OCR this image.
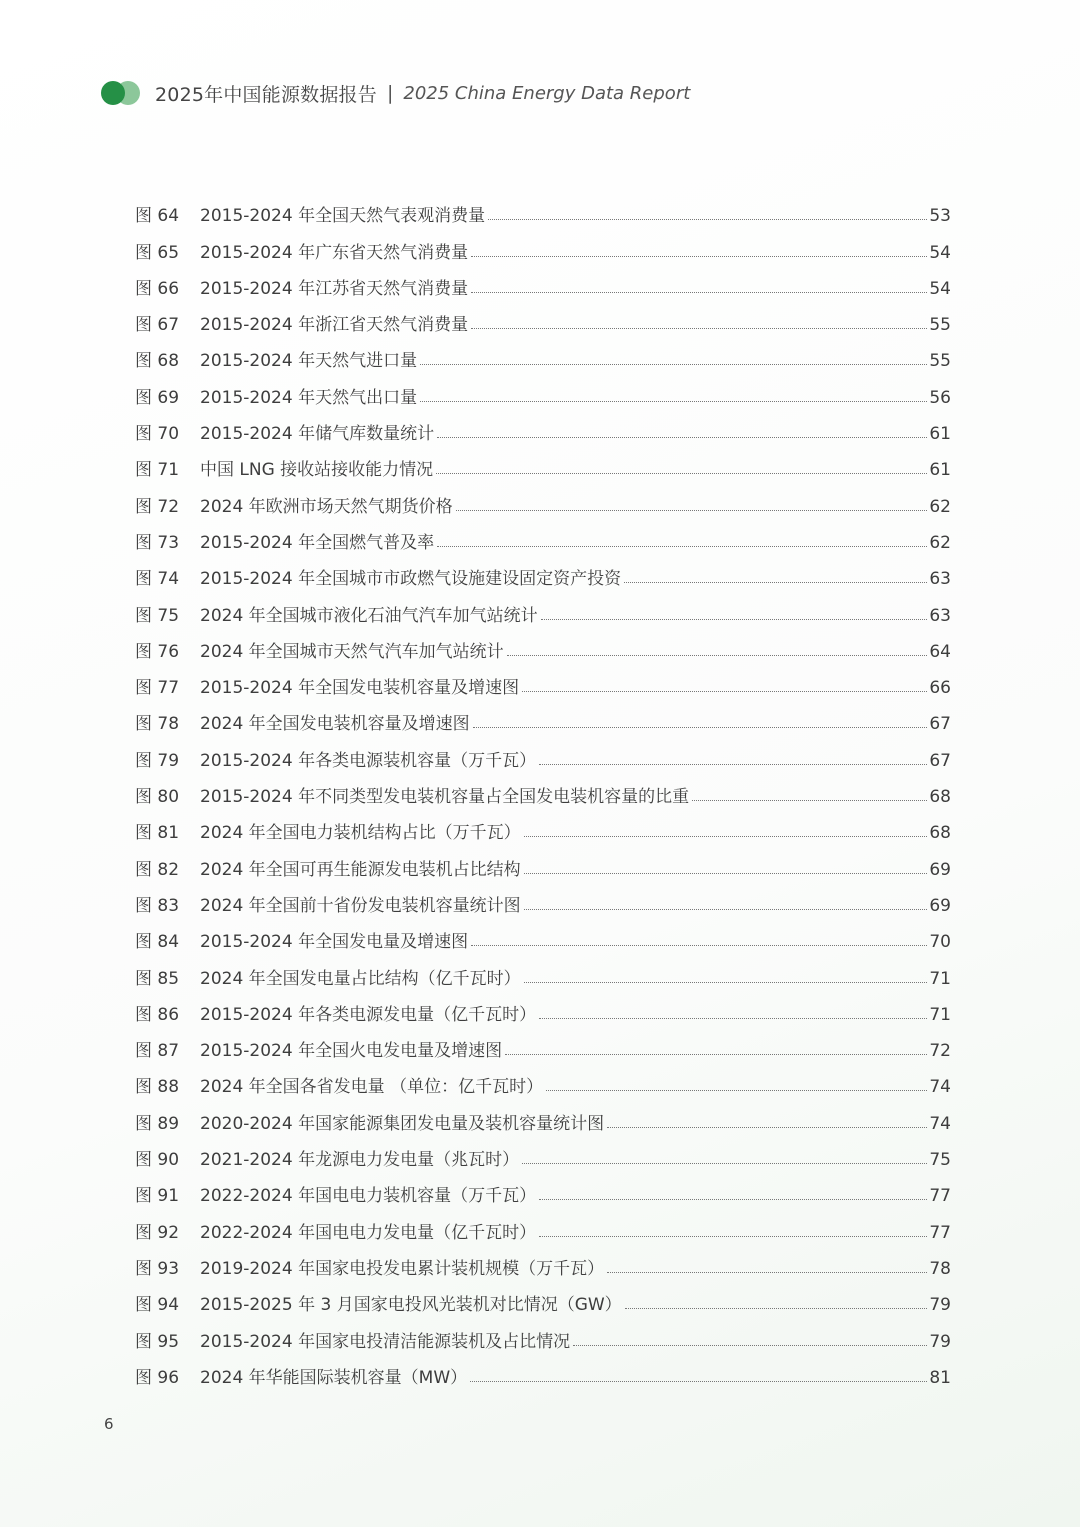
2025年中国能源数据报告 | 2025 China Energy Data Report
图 64	2015-2024 年全国天然气表观消费量	53
图 65	2015-2024 年广东省天然气消费量	54
图 66	2015-2024 年江苏省天然气消费量	54
图 67	2015-2024 年浙江省天然气消费量	55
图 68	2015-2024 年天然气进口量	55
图 69	2015-2024 年天然气出口量	56
图 70	2015-2024 年储气库数量统计	61
图 71	中国 LNG 接收站接收能力情况	61
图 72	2024 年欧洲市场天然气期货价格	62
图 73	2015-2024 年全国燃气普及率	62
图 74	2015-2024 年全国城市市政燃气设施建设固定资产投资	63
图 75	2024 年全国城市液化石油气汽车加气站统计	63
图 76	2024 年全国城市天然气汽车加气站统计	64
图 77	2015-2024 年全国发电装机容量及增速图	66
图 78	2024 年全国发电装机容量及增速图	67
图 79	2015-2024 年各类电源装机容量（万千瓦）	67
图 80	2015-2024 年不同类型发电装机容量占全国发电装机容量的比重	68
图 81	2024 年全国电力装机结构占比（万千瓦）	68
图 82	2024 年全国可再生能源发电装机占比结构	69
图 83	2024 年全国前十省份发电装机容量统计图	69
图 84	2015-2024 年全国发电量及增速图	70
图 85	2024 年全国发电量占比结构（亿千瓦时）	71
图 86	2015-2024 年各类电源发电量（亿千瓦时）	71
图 87	2015-2024 年全国火电发电量及增速图	72
图 88	2024 年全国各省发电量 （单位：亿千瓦时）	74
图 89	2020-2024 年国家能源集团发电量及装机容量统计图	74
图 90	2021-2024 年龙源电力发电量（兆瓦时）	75
图 91	2022-2024 年国电电力装机容量（万千瓦）	77
图 92	2022-2024 年国电电力发电量（亿千瓦时）	77
图 93	2019-2024 年国家电投发电累计装机规模（万千瓦）	78
图 94	2015-2025 年 3 月国家电投风光装机对比情况（GW）	79
图 95	2015-2024 年国家电投清洁能源装机及占比情况	79
图 96	2024 年华能国际装机容量（MW）	81
6
